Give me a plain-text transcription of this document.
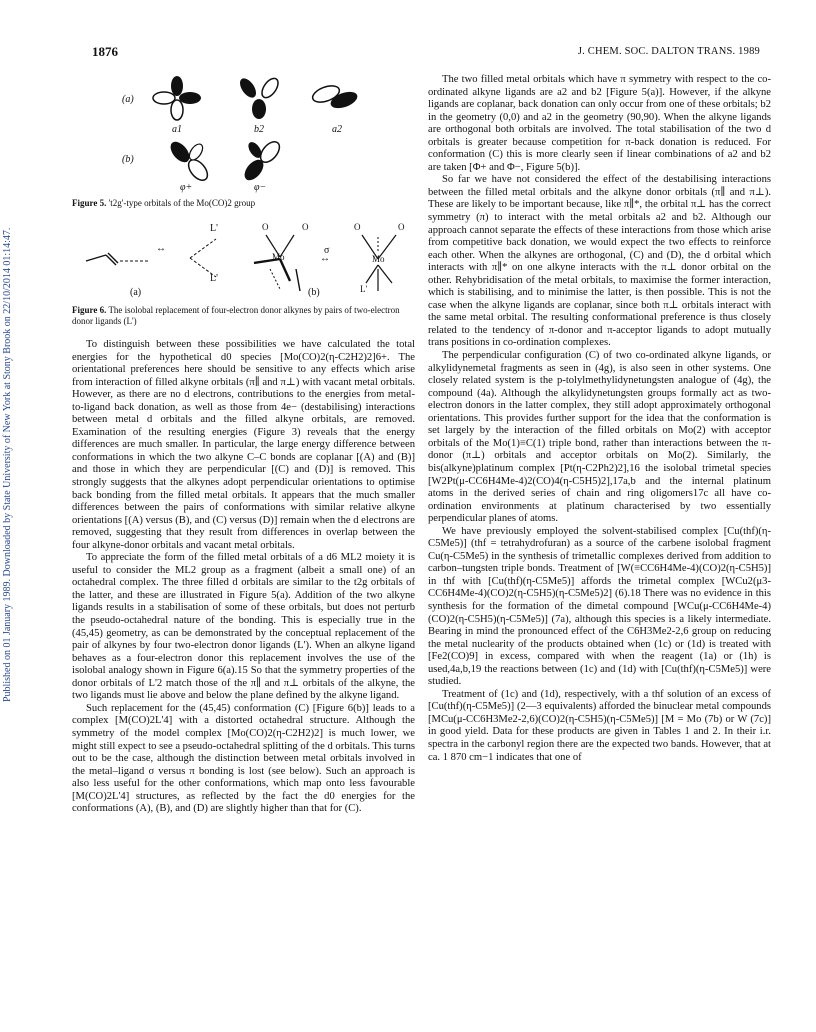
1876	J. CHEM. SOC. DALTON TRANS. 1989
Published on 01 January 1989. Downloaded by State University of New York at Stony Brook on 22/10/2014 01:14:47.
(a)
(b)
a1	b2	a2
φ+	φ−
Figure 5. 't2g'-type orbitals of the Mo(CO)2 group
↔
L'
L'
O	O
Mo
σ
↔
O	O
Mo
L'
(a)	(b)
Figure 6. The isolobal replacement of four-electron donor alkynes by pairs of two-electron donor ligands (L')

To distinguish between these possibilities we have calculated the total energies for the hypothetical d0 species [Mo(CO)2(η-C2H2)2]6+. The orientational preferences here should be sensitive to any effects which arise from interaction of filled alkyne orbitals (π∥ and π⊥) with vacant metal orbitals. However, as there are no d electrons, contributions to the energies from metal-to-ligand back donation, as well as those from 4e− (destabilising) interactions between metal d orbitals and the filled alkyne orbitals, are removed. Examination of the resulting energies (Figure 3) reveals that the energy differences are much smaller. In particular, the large energy difference between conformations in which the two alkyne C–C bonds are coplanar [(A) and (B)] and those in which they are perpendicular [(C) and (D)] is removed. This strongly suggests that the alkynes adopt perpendicular orientations to optimise back bonding from the filled metal orbitals. It appears that the much smaller differences between the pairs of conformations with similar relative alkyne orientations [(A) versus (B), and (C) versus (D)] remain when the d electrons are removed, suggesting that they result from differences in overlap between the four alkyne-donor orbitals and vacant metal orbitals.

To appreciate the form of the filled metal orbitals of a d6 ML2 moiety it is useful to consider the ML2 group as a fragment (albeit a small one) of an octahedral complex. The three filled d orbitals are similar to the t2g orbitals of the latter, and these are illustrated in Figure 5(a). Addition of the two alkyne ligands results in a stabilisation of some of these orbitals, but does not perturb the pseudo-octahedral nature of the bonding. This is especially true in the (45,45) geometry, as can be demonstrated by the conceptual replacement of the pair of alkynes by four two-electron donor ligands (L'). When an alkyne ligand behaves as a four-electron donor this replacement involves the use of the isolobal analogy shown in Figure 6(a).15 So that the symmetry properties of the donor orbitals of L'2 match those of the π∥ and π⊥ orbitals of the alkyne, the two ligands must lie above and below the plane defined by the alkyne ligand.

Such replacement for the (45,45) conformation (C) [Figure 6(b)] leads to a complex [M(CO)2L'4] with a distorted octahedral structure. Although the symmetry of the model complex [Mo(CO)2(η-C2H2)2] is much lower, we might still expect to see a pseudo-octahedral splitting of the d orbitals. This turns out to be the case, although the distinction between metal orbitals involved in the metal–ligand σ versus π bonding is lost (see below). Such an approach is also less useful for the other conformations, which map onto less favourable [M(CO)2L'4] structures, as reflected by the fact the d0 energies for the conformations (A), (B), and (D) are slightly higher than that for (C).

The two filled metal orbitals which have π symmetry with respect to the co-ordinated alkyne ligands are a2 and b2 [Figure 5(a)]. However, if the alkyne ligands are coplanar, back donation can only occur from one of these orbitals; b2 in the geometry (0,0) and a2 in the geometry (90,90). When the alkyne ligands are orthogonal both orbitals are involved. The total stabilisation of the two d orbitals is greater because competition for π-back donation is reduced. For conformation (C) this is more clearly seen if linear combinations of a2 and b2 are taken [Φ+ and Φ−, Figure 5(b)].

So far we have not considered the effect of the destabilising interactions between the filled metal orbitals and the alkyne donor orbitals (π∥ and π⊥). These are likely to be important because, like π∥*, the orbital π⊥ has the correct symmetry (π) to interact with the metal orbitals a2 and b2. Although our approach cannot separate the effects of these interactions from those which arise from competitive back donation, we would expect the two effects to reinforce each other. When the alkynes are orthogonal, (C) and (D), the d orbital which interacts with π∥* on one alkyne interacts with the π⊥ donor orbital on the other. Rehybridisation of the metal orbitals, to maximise the former interaction, which is stabilising, and to minimise the latter, is then possible. This is not the case when the alkyne ligands are coplanar, since both π⊥ orbitals interact with the same metal orbital. The resulting conformational preference is thus closely related to the tendency of π-donor and π-acceptor ligands to adopt mutually trans positions in co-ordination complexes.

The perpendicular configuration (C) of two co-ordinated alkyne ligands, or alkylidynemetal fragments as seen in (4g), is also seen in other systems. One closely related system is the p-tolylmethylidynetungsten analogue of (4g), the compound (4a). Although the alkylidynetungsten groups formally act as two-electron donors in the latter complex, they still adopt approximately orthogonal orientations. This provides further support for the idea that the conformation is set largely by the interaction of the filled orbitals on Mo(2) with acceptor orbitals of the Mo(1)≡C(1) triple bond, rather than interactions between the π-donor (π⊥) orbitals and acceptor orbitals on Mo(2). Similarly, the bis(alkyne)platinum complex [Pt(η-C2Ph2)2],16 the isolobal trimetal species [W2Pt(μ-CC6H4Me-4)2(CO)4(η-C5H5)2],17a,b and the internal platinum atoms in the derived series of chain and ring oligomers17c all have co-ordination environments at platinum characterised by two essentially perpendicular planes of atoms.

We have previously employed the solvent-stabilised complex [Cu(thf)(η-C5Me5)] (thf = tetrahydrofuran) as a source of the carbene isolobal fragment Cu(η-C5Me5) in the synthesis of trimetallic complexes derived from addition to carbon–tungsten triple bonds. Treatment of [W(≡CC6H4Me-4)(CO)2(η-C5H5)] in thf with [Cu(thf)(η-C5Me5)] affords the trimetal complex [WCu2(μ3-CC6H4Me-4)(CO)2(η-C5H5)(η-C5Me5)2] (6).18 There was no evidence in this synthesis for the formation of the dimetal compound [WCu(μ-CC6H4Me-4)(CO)2(η-C5H5)(η-C5Me5)] (7a), although this species is a likely intermediate. Bearing in mind the pronounced effect of the C6H3Me2-2,6 group on reducing the metal nuclearity of the products obtained when (1c) or (1d) is treated with [Fe2(CO)9] in excess, compared with when the reagent (1a) or (1h) is used,4a,b,19 the reactions between (1c) and (1d) with [Cu(thf)(η-C5Me5)] were studied.

Treatment of (1c) and (1d), respectively, with a thf solution of an excess of [Cu(thf)(η-C5Me5)] (2—3 equivalents) afforded the binuclear metal compounds [MCu(μ-CC6H3Me2-2,6)(CO)2(η-C5H5)(η-C5Me5)] [M = Mo (7b) or W (7c)] in good yield. Data for these products are given in Tables 1 and 2. In their i.r. spectra in the carbonyl region there are the expected two bands. However, that at ca. 1 870 cm−1 indicates that one of
